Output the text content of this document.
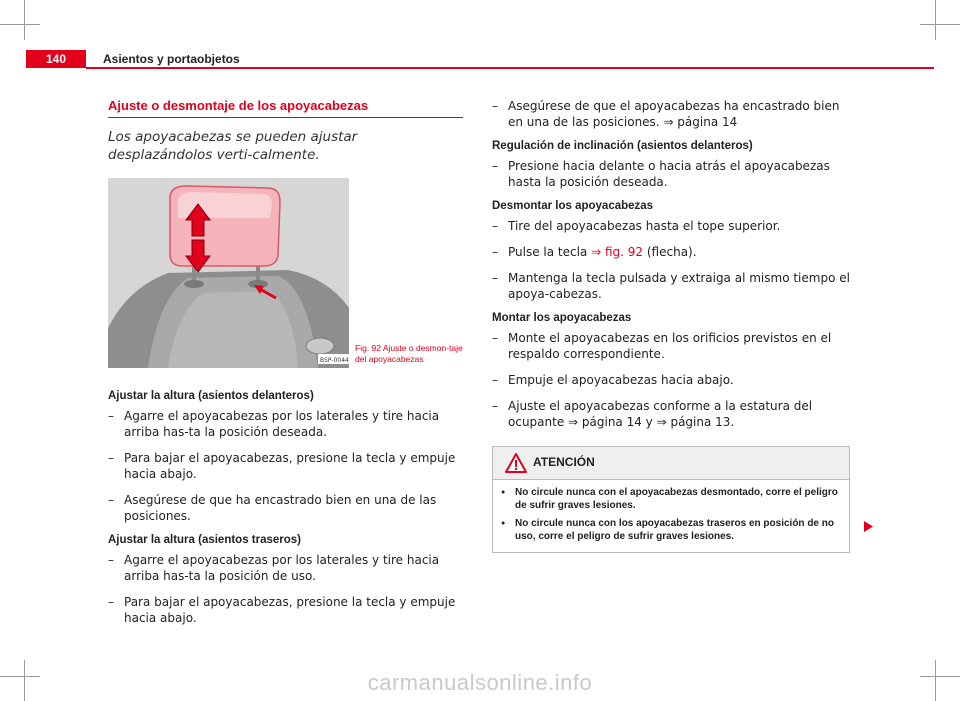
140	Asientos y portaobjetos
Ajuste o desmontaje de los apoyacabezas

Los apoyacabezas se pueden ajustar desplazándolos verti-calmente.

B5P-0044
Fig. 92 Ajuste o desmon-taje del apoyacabezas
Ajustar la altura (asientos delanteros)
– Agarre el apoyacabezas por los laterales y tire hacia arriba has-ta la posición deseada.
– Para bajar el apoyacabezas, presione la tecla y empuje hacia abajo.
– Asegúrese de que ha encastrado bien en una de las posiciones.
Ajustar la altura (asientos traseros)
– Agarre el apoyacabezas por los laterales y tire hacia arriba has-ta la posición de uso.
– Para bajar el apoyacabezas, presione la tecla y empuje hacia abajo.
– Asegúrese de que el apoyacabezas ha encastrado bien en una de las posiciones. ⇒ página 14
Regulación de inclinación (asientos delanteros)
– Presione hacia delante o hacia atrás el apoyacabezas hasta la posición deseada.
Desmontar los apoyacabezas
– Tire del apoyacabezas hasta el tope superior.
– Pulse la tecla ⇒ fig. 92 (flecha).
– Mantenga la tecla pulsada y extraiga al mismo tiempo el apoya-cabezas.
Montar los apoyacabezas
– Monte el apoyacabezas en los orificios previstos en el respaldo correspondiente.
– Empuje el apoyacabezas hacia abajo.
– Ajuste el apoyacabezas conforme a la estatura del ocupante ⇒ página 14 y ⇒ página 13.
ATENCIÓN
● No circule nunca con el apoyacabezas desmontado, corre el peligro de sufrir graves lesiones.
● No circule nunca con los apoyacabezas traseros en posición de no uso, corre el peligro de sufrir graves lesiones.
carmanualsonline.info
